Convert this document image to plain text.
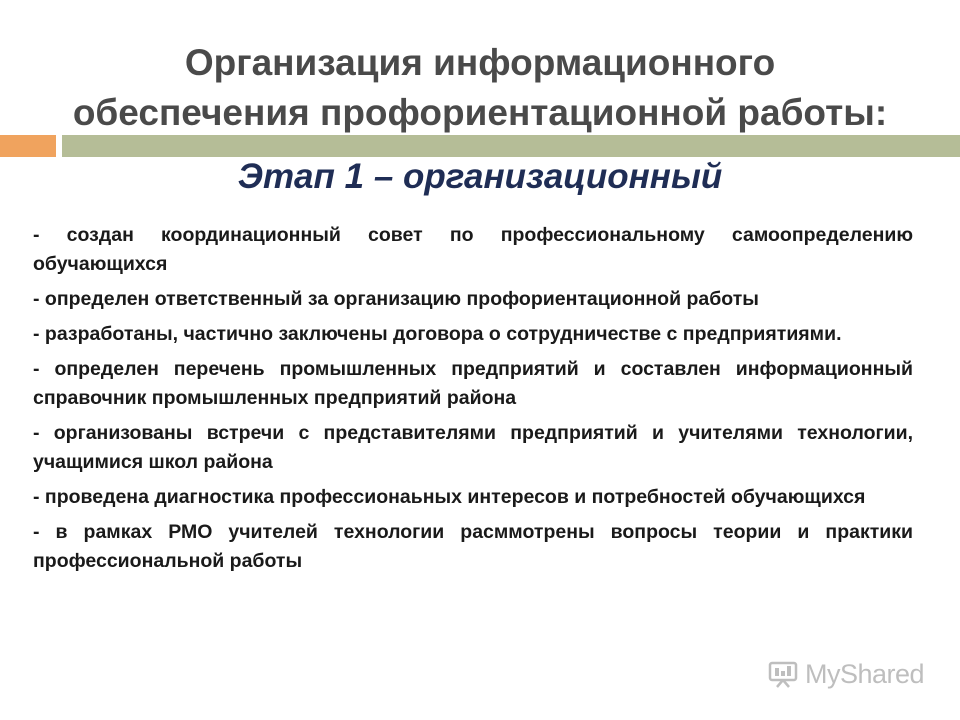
Организация информационного
обеспечения профориентационной работы:
Этап 1 – организационный
- создан координационный совет по профессиональному самоопределению обучающихся
- определен ответственный за организацию профориентационной работы
- разработаны, частично заключены договора о сотрудничестве с предприятиями.
- определен перечень промышленных предприятий и составлен информационный справочник промышленных предприятий района
- организованы встречи с представителями предприятий и учителями технологии, учащимися школ района
- проведена диагностика профессионаьных интересов и потребностей обучающихся
- в рамках РМО учителей технологии расммотрены вопросы теории и практики профессиональной работы
MyShared
